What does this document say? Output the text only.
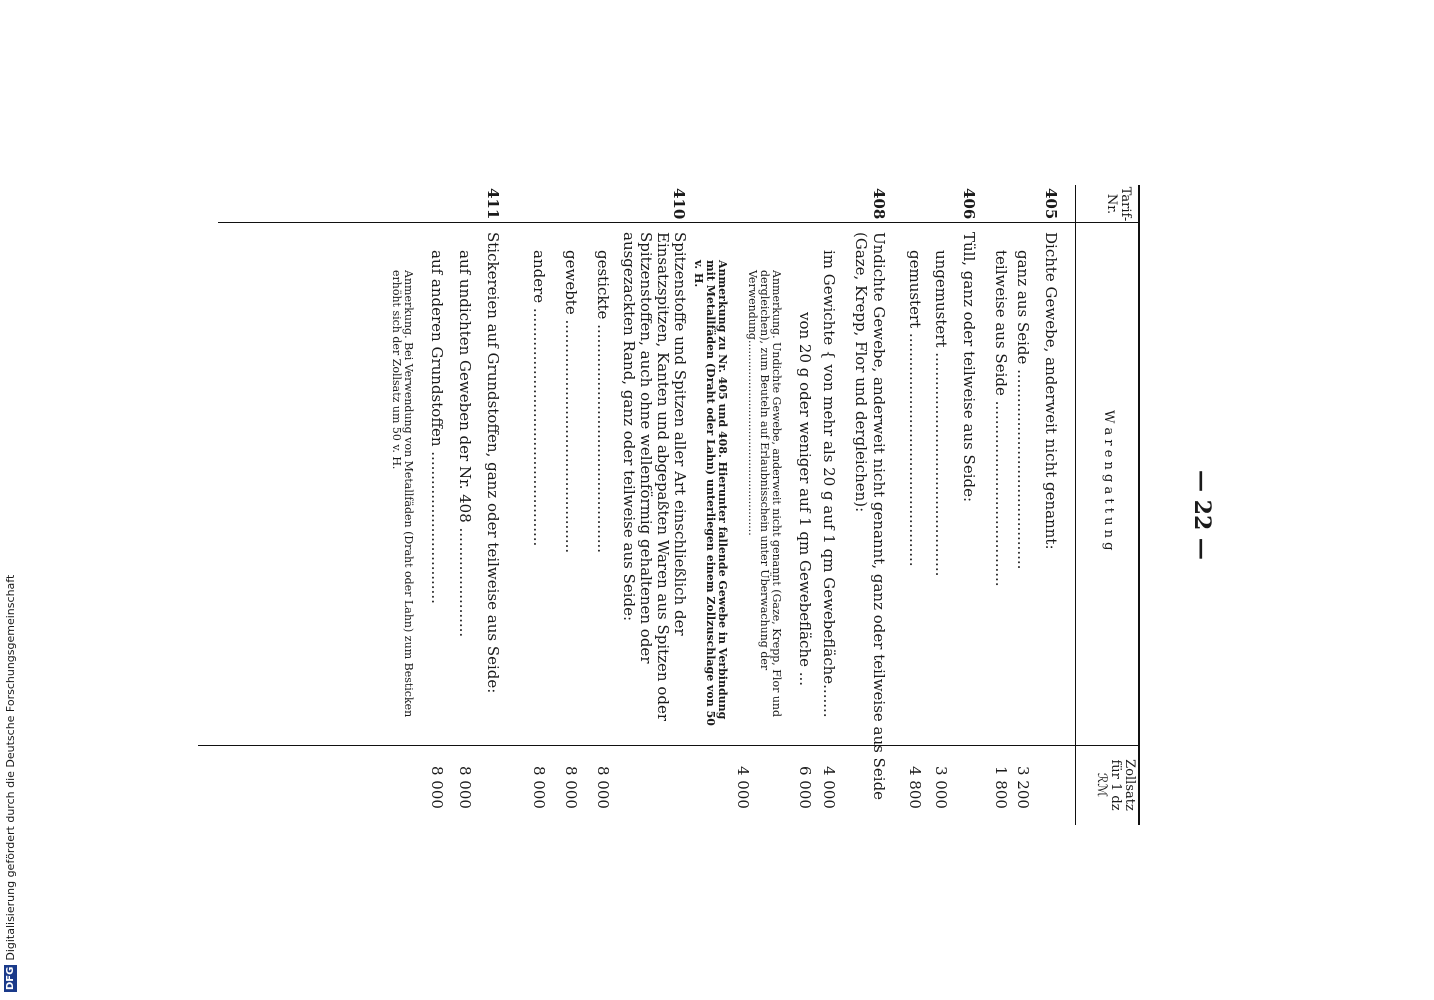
— 22 —
Tarif-
Nr.
W a r e n g a t t u n g
Zollsatz
für 1 dz
ℛℳ
405
Dichte Gewebe, anderweit nicht genannt:
ganz aus Seide ..........................................
3 200
teilweise aus Seide .......................................
1 800
406
Tüll, ganz oder teilweise aus Seide:
ungemustert ...............................................
3 000
gemustert .................................................
4 800
408
Undichte Gewebe, anderweit nicht genannt, ganz oder teilweise aus Seide
(Gaze, Krepp, Flor und dergleichen):
im Gewichte { von mehr als 20 g auf 1 qm Gewebefläche.......
4 000
von 20 g oder weniger auf 1 qm Gewebefläche ...
6 000
Anmerkung. Undichte Gewebe, anderweit nicht genannt (Gaze, Krepp, Flor und dergleichen), zum Beuteln auf Erlaubnisschein unter Überwachung der Verwendung........................................................
4 000
Anmerkung zu Nr. 405 und 408. Hierunter fallende Gewebe in Verbindung mit Metallfäden (Draht oder Lahn) unterliegen einem Zollzuschlage von 50 v. H.
410
Spitzenstoffe und Spitzen aller Art einschließlich der Einsatzspitzen, Kanten und abgepaßten Waren aus Spitzen oder Spitzenstoffen, auch ohne wellenförmig gehaltenen oder ausgezackten Rand, ganz oder teilweise aus Seide:
gestickte ................................................
8 000
gewebte .................................................
8 000
andere ..................................................
8 000
411
Stickereien auf Grundstoffen, ganz oder teilweise aus Seide:
auf undichten Geweben der Nr. 408 .......................
8 000
auf anderen Grundstoffen ................................
8 000
Anmerkung. Bei Verwendung von Metallfäden (Draht oder Lahn) zum Besticken erhöht sich der Zollsatz um 50 v. H.
DFG
Digitalisierung gefördert durch die Deutsche Forschungsgemeinschaft
